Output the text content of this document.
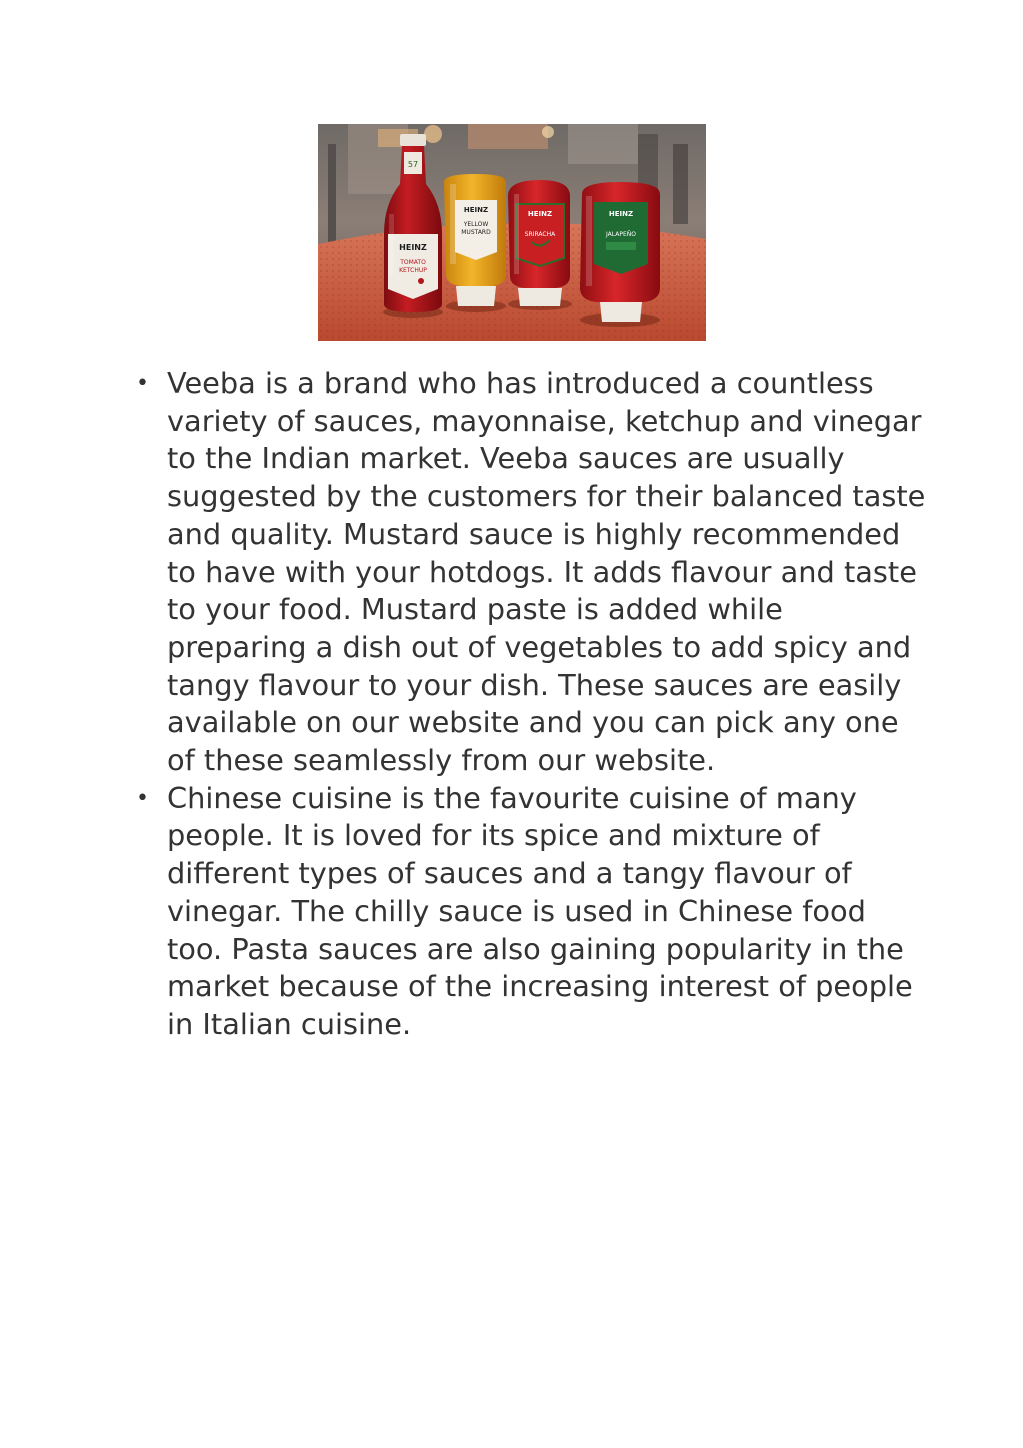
57
HEINZ
TOMATO
KETCHUP
HEINZ
YELLOW
MUSTARD
HEINZ
SRIRACHA
HEINZ
JALAPEÑO
• Veeba is a brand who has introduced a countless variety of sauces, mayonnaise, ketchup and vinegar to the Indian market. Veeba sauces are usually suggested by the customers for their balanced taste and quality. Mustard sauce is highly recommended to have with your hotdogs. It adds flavour and taste to your food. Mustard paste is added while preparing a dish out of vegetables to add spicy and tangy flavour to your dish. These sauces are easily available on our website and you can pick any one of these seamlessly from our website.
• Chinese cuisine is the favourite cuisine of many people. It is loved for its spice and mixture of different types of sauces and a tangy flavour of vinegar. The chilly sauce is used in Chinese food too. Pasta sauces are also gaining popularity in the market because of the increasing interest of people in Italian cuisine.
